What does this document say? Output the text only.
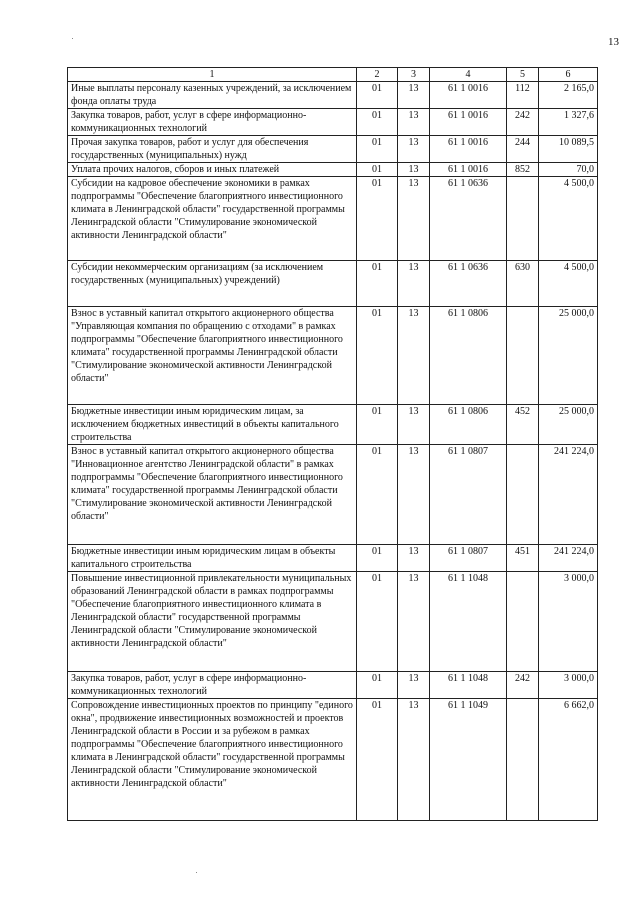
13
1	2	3	4	5	6
Иные выплаты персоналу казенных учреждений, за исключением фонда оплаты труда	01	13	61 1 0016	112	2 165,0
Закупка товаров, работ, услуг в сфере информационно-коммуникационных технологий	01	13	61 1 0016	242	1 327,6
Прочая закупка товаров, работ и услуг для обеспечения государственных (муниципальных) нужд	01	13	61 1 0016	244	10 089,5
Уплата прочих налогов, сборов и иных платежей	01	13	61 1 0016	852	70,0
Субсидии на кадровое обеспечение экономики в рамках подпрограммы "Обеспечение благоприятного инвестиционного климата в Ленинградской области" государственной программы Ленинградской области "Стимулирование экономической активности Ленинградской области"	01	13	61 1 0636		4 500,0
Субсидии некоммерческим организациям (за исключением государственных (муниципальных) учреждений)	01	13	61 1 0636	630	4 500,0
Взнос в уставный капитал открытого акционерного общества "Управляющая компания по обращению с отходами" в рамках подпрограммы "Обеспечение благоприятного инвестиционного климата" государственной программы Ленинградской области "Стимулирование экономической активности Ленинградской области"	01	13	61 1 0806		25 000,0
Бюджетные инвестиции иным юридическим лицам, за исключением бюджетных инвестиций в объекты капитального строительства	01	13	61 1 0806	452	25 000,0
Взнос в уставный капитал открытого акционерного общества "Инновационное агентство Ленинградской области" в рамках подпрограммы "Обеспечение благоприятного инвестиционного климата" государственной программы Ленинградской области "Стимулирование экономической активности Ленинградской области"	01	13	61 1 0807		241 224,0
Бюджетные инвестиции иным юридическим лицам в объекты капитального строительства	01	13	61 1 0807	451	241 224,0
Повышение инвестиционной привлекательности муниципальных образований Ленинградской области в рамках подпрограммы "Обеспечение благоприятного инвестиционного климата в Ленинградской области" государственной программы Ленинградской области "Стимулирование экономической активности Ленинградской области"	01	13	61 1 1048		3 000,0
Закупка товаров, работ, услуг в сфере информационно-коммуникационных технологий	01	13	61 1 1048	242	3 000,0
Сопровождение инвестиционных проектов по принципу "единого окна", продвижение инвестиционных возможностей и проектов Ленинградской области в России и за рубежом в рамках подпрограммы "Обеспечение благоприятного инвестиционного климата в Ленинградской области" государственной программы Ленинградской области "Стимулирование экономической активности Ленинградской области"	01	13	61 1 1049		6 662,0
